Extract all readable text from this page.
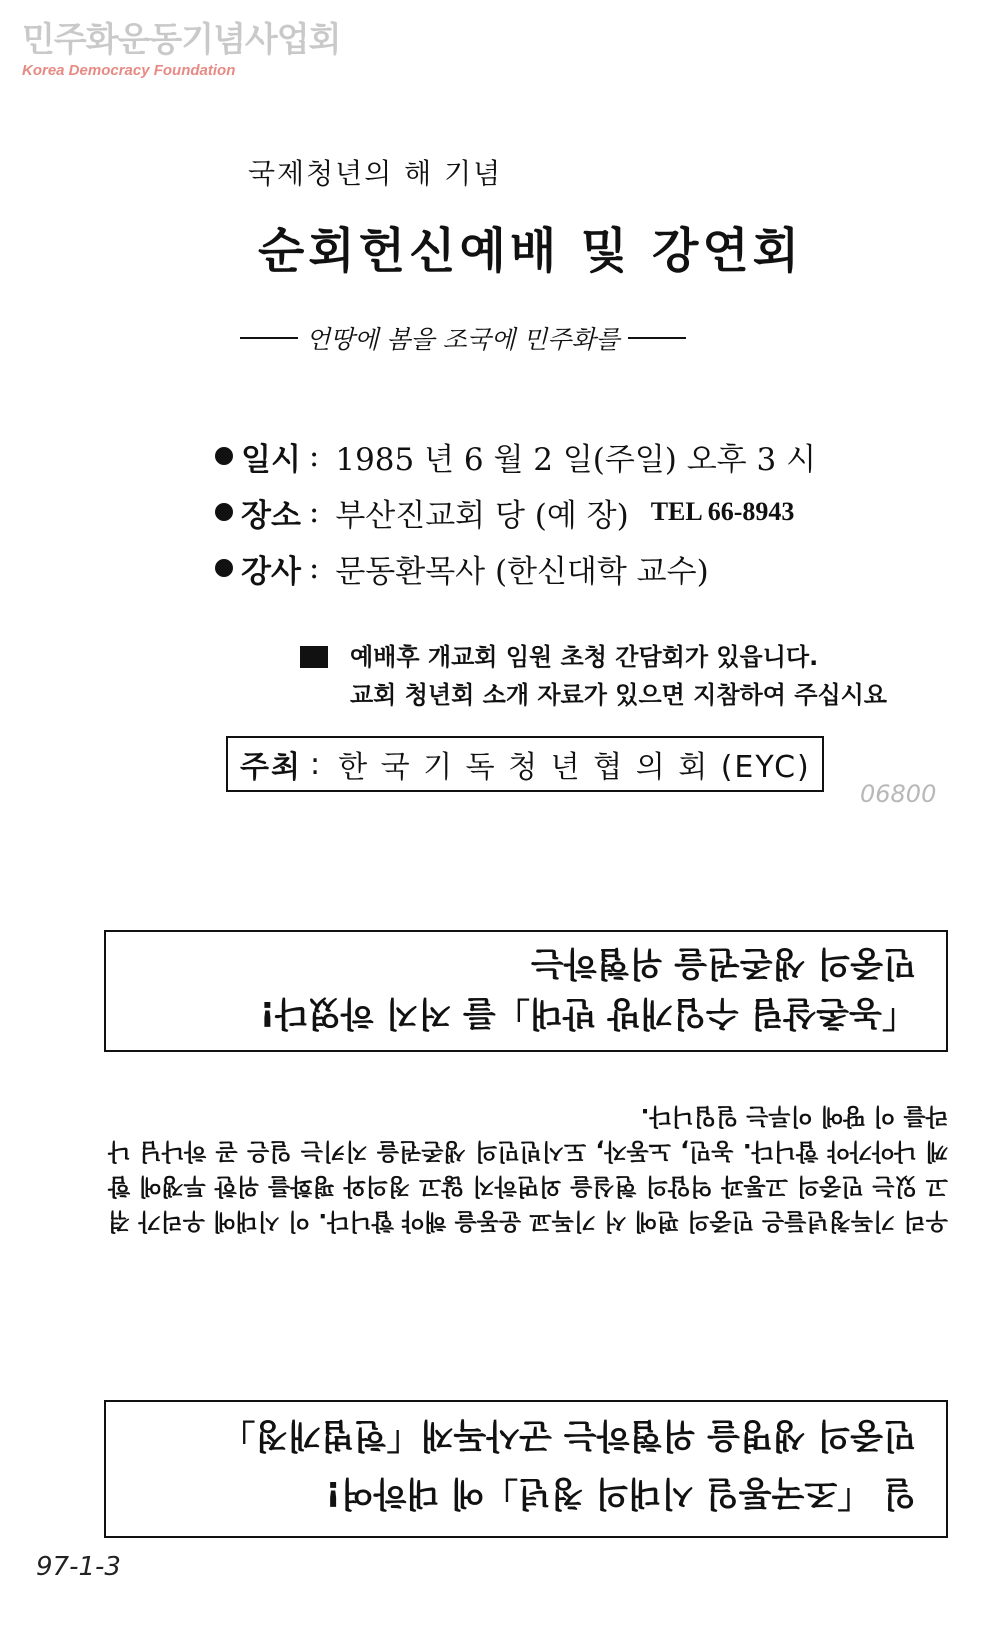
민주화운동기념사업회
Korea Democracy Foundation
국제청년의 해 기념
순회헌신예배 및 강연회
언땅에 봄을 조국에 민주화를
일시 : 1985 년 6 월 2 일(주일) 오후 3 시
장소 : 부산진교회 당 (예 장) TEL 66-8943
강사 : 문동환목사 (한신대학 교수)
예배후 개교회 임원 초청 간담회가 있읍니다.
교회 청년회 소개 자료가 있으면 지참하여 주십시요
주최 : 한 국 기 독 청 년 협 의 회 (EYC)
06800
「농촌살림 수입개방 반대」를 저지 하였다!
민중의 생존권을 위협하는
우리 기독청년들은 민중의 편에 서 기독교 운동을 해야 합니다. 이 시대에 우리가 겪고 있는 민중의 고통과 억압의 현실을 외면하지 않고 정의와 평화를 위한 투쟁에 함께 나아가야 합니다. 농민, 노동자, 도시빈민의 생존권을 지키는 일은 곧 하나님 나라를 이 땅에 이루는 일입니다.
일 「조국통일 시대의 청년」에 대하여!
민중의 생명을 위협하는 군사독재「헌법개정」
97-1-3
